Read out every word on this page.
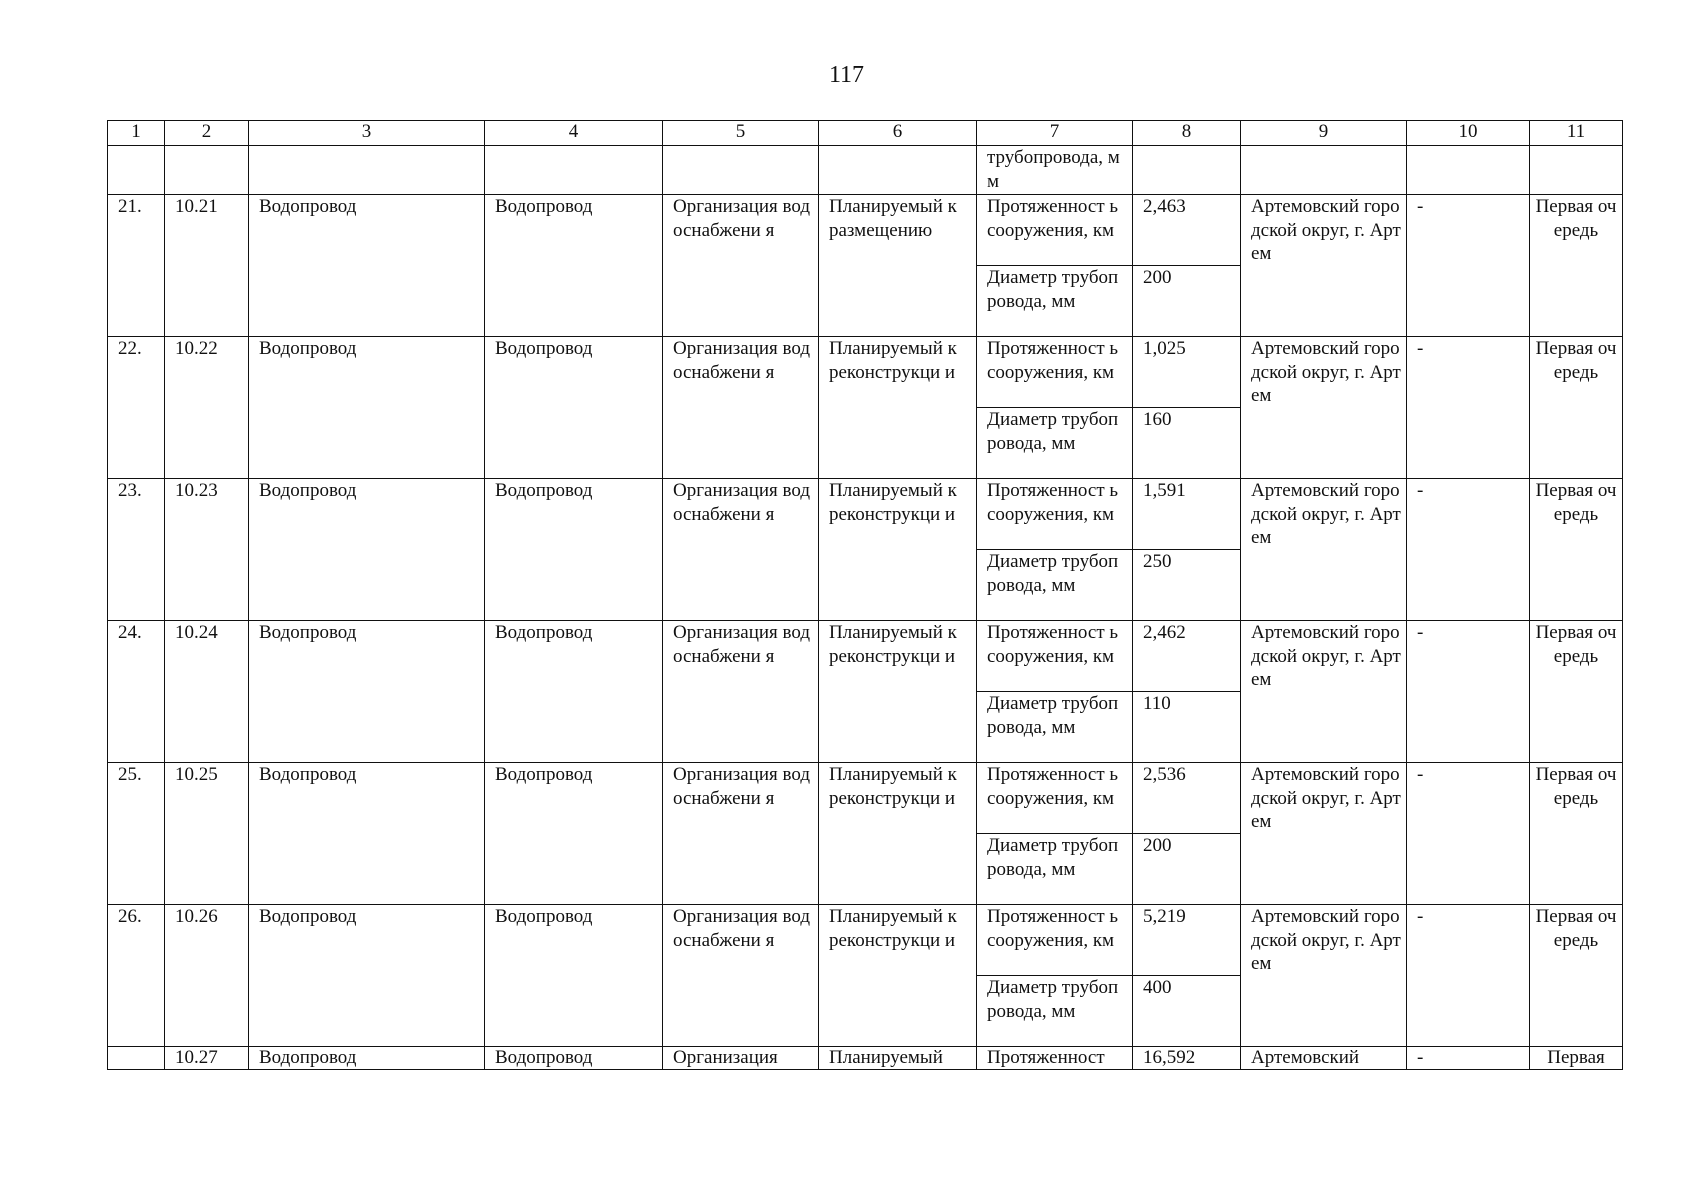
117
1	2	3	4	5	6	7	8	9	10	11
						трубопровода, мм				
21.	10.21	Водопровод	Водопровод	Организация водоснабжени я	Планируемый к размещению	Протяженност ь сооружения, км	2,463	Артемовский городской округ, г. Артем	-	Первая очередь
						Диаметр трубопровода, мм	200			
22.	10.22	Водопровод	Водопровод	Организация водоснабжени я	Планируемый к реконструкци и	Протяженност ь сооружения, км	1,025	Артемовский городской округ, г. Артем	-	Первая очередь
						Диаметр трубопровода, мм	160			
23.	10.23	Водопровод	Водопровод	Организация водоснабжени я	Планируемый к реконструкци и	Протяженност ь сооружения, км	1,591	Артемовский городской округ, г. Артем	-	Первая очередь
						Диаметр трубопровода, мм	250			
24.	10.24	Водопровод	Водопровод	Организация водоснабжени я	Планируемый к реконструкци и	Протяженност ь сооружения, км	2,462	Артемовский городской округ, г. Артем	-	Первая очередь
						Диаметр трубопровода, мм	110			
25.	10.25	Водопровод	Водопровод	Организация водоснабжени я	Планируемый к реконструкци и	Протяженност ь сооружения, км	2,536	Артемовский городской округ, г. Артем	-	Первая очередь
						Диаметр трубопровода, мм	200			
26.	10.26	Водопровод	Водопровод	Организация водоснабжени я	Планируемый к реконструкци и	Протяженност ь сооружения, км	5,219	Артемовский городской округ, г. Артем	-	Первая очередь
						Диаметр трубопровода, мм	400			
	10.27	Водопровод	Водопровод	Организация	Планируемый	Протяженност	16,592	Артемовский	-	Первая
